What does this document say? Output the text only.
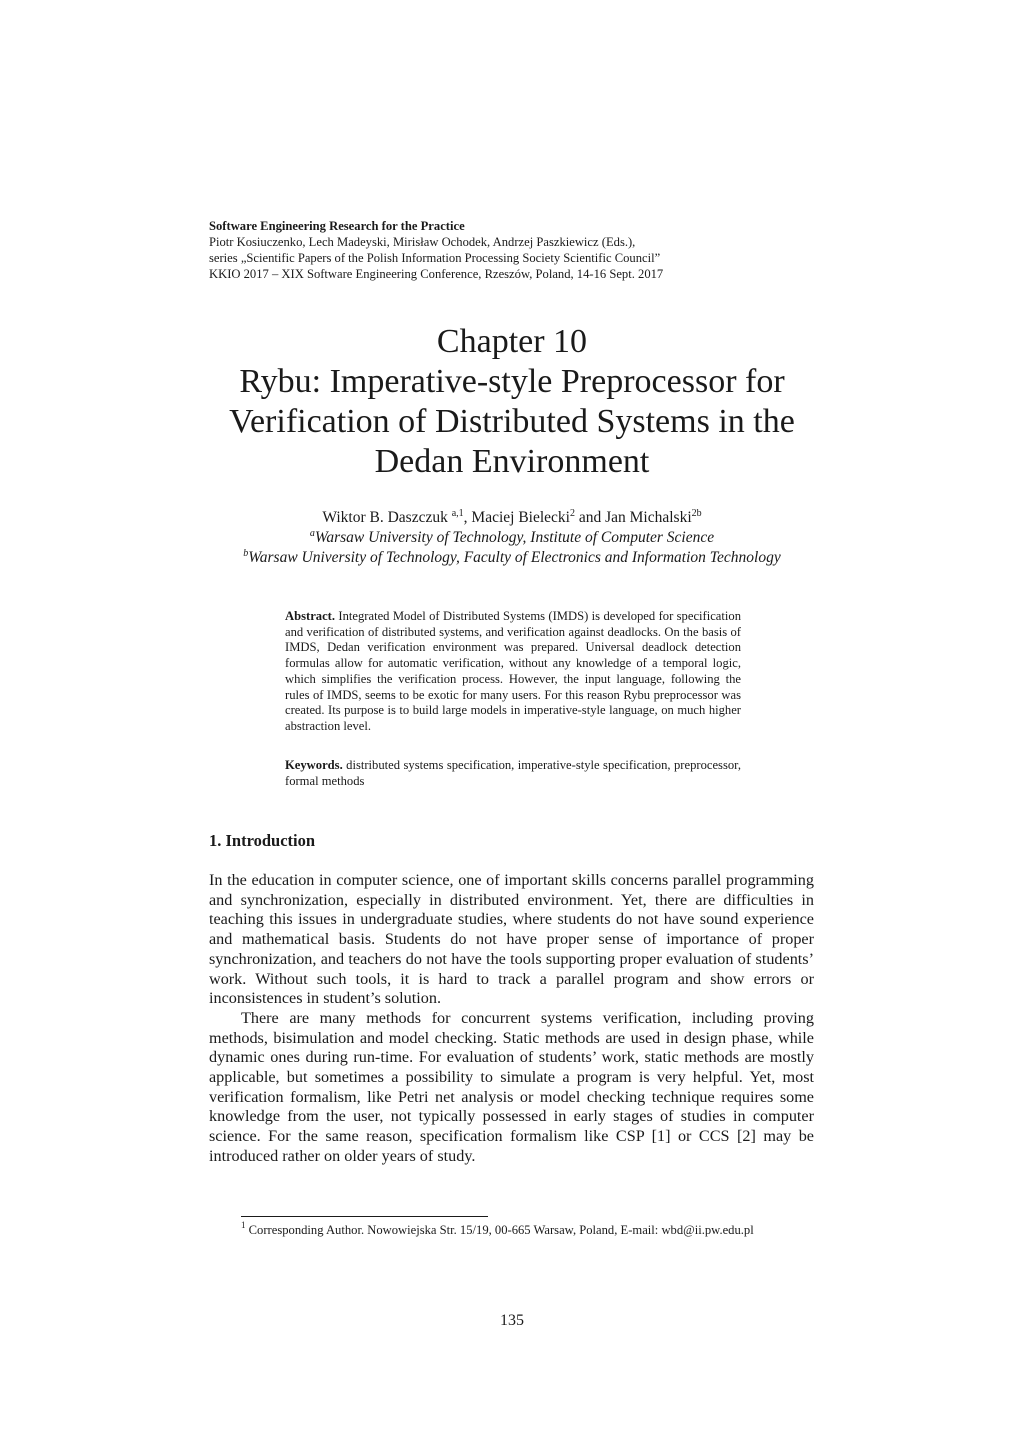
Software Engineering Research for the Practice
Piotr Kosiuczenko, Lech Madeyski, Mirisław Ochodek, Andrzej Paszkiewicz (Eds.),
series „Scientific Papers of the Polish Information Processing Society Scientific Council”
KKIO 2017 – XIX Software Engineering Conference, Rzeszów, Poland, 14-16 Sept. 2017
Chapter 10
Rybu: Imperative-style Preprocessor for
Verification of Distributed Systems in the
Dedan Environment
Wiktor B. Daszczuk $^{a,1}$, Maciej Bielecki$^2$ and Jan Michalski$^{2b}$
$^a$Warsaw University of Technology, Institute of Computer Science
$^b$Warsaw University of Technology, Faculty of Electronics and Information Technology
Abstract. Integrated Model of Distributed Systems (IMDS) is developed for specification and verification of distributed systems, and verification against deadlocks. On the basis of IMDS, Dedan verification environment was prepared. Universal deadlock detection formulas allow for automatic verification, without any knowledge of a temporal logic, which simplifies the verification process. However, the input language, following the rules of IMDS, seems to be exotic for many users. For this reason Rybu preprocessor was created. Its purpose is to build large models in imperative-style language, on much higher abstraction level.
Keywords. distributed systems specification, imperative-style specification, preprocessor, formal methods
1. Introduction

In the education in computer science, one of important skills concerns parallel programming and synchronization, especially in distributed environment. Yet, there are difficulties in teaching this issues in undergraduate studies, where students do not have sound experience and mathematical basis. Students do not have proper sense of importance of proper synchronization, and teachers do not have the tools supporting proper evaluation of students’ work. Without such tools, it is hard to track a parallel program and show errors or inconsistences in student’s solution.

There are many methods for concurrent systems verification, including proving methods, bisimulation and model checking. Static methods are used in design phase, while dynamic ones during run-time. For evaluation of students’ work, static methods are mostly applicable, but sometimes a possibility to simulate a program is very helpful. Yet, most verification formalism, like Petri net analysis or model checking technique requires some knowledge from the user, not typically possessed in early stages of studies in computer science. For the same reason, specification formalism like CSP [1] or CCS [2] may be introduced rather on older years of study.

$^1$ Corresponding Author. Nowowiejska Str. 15/19, 00-665 Warsaw, Poland, E-mail: wbd@ii.pw.edu.pl
135
